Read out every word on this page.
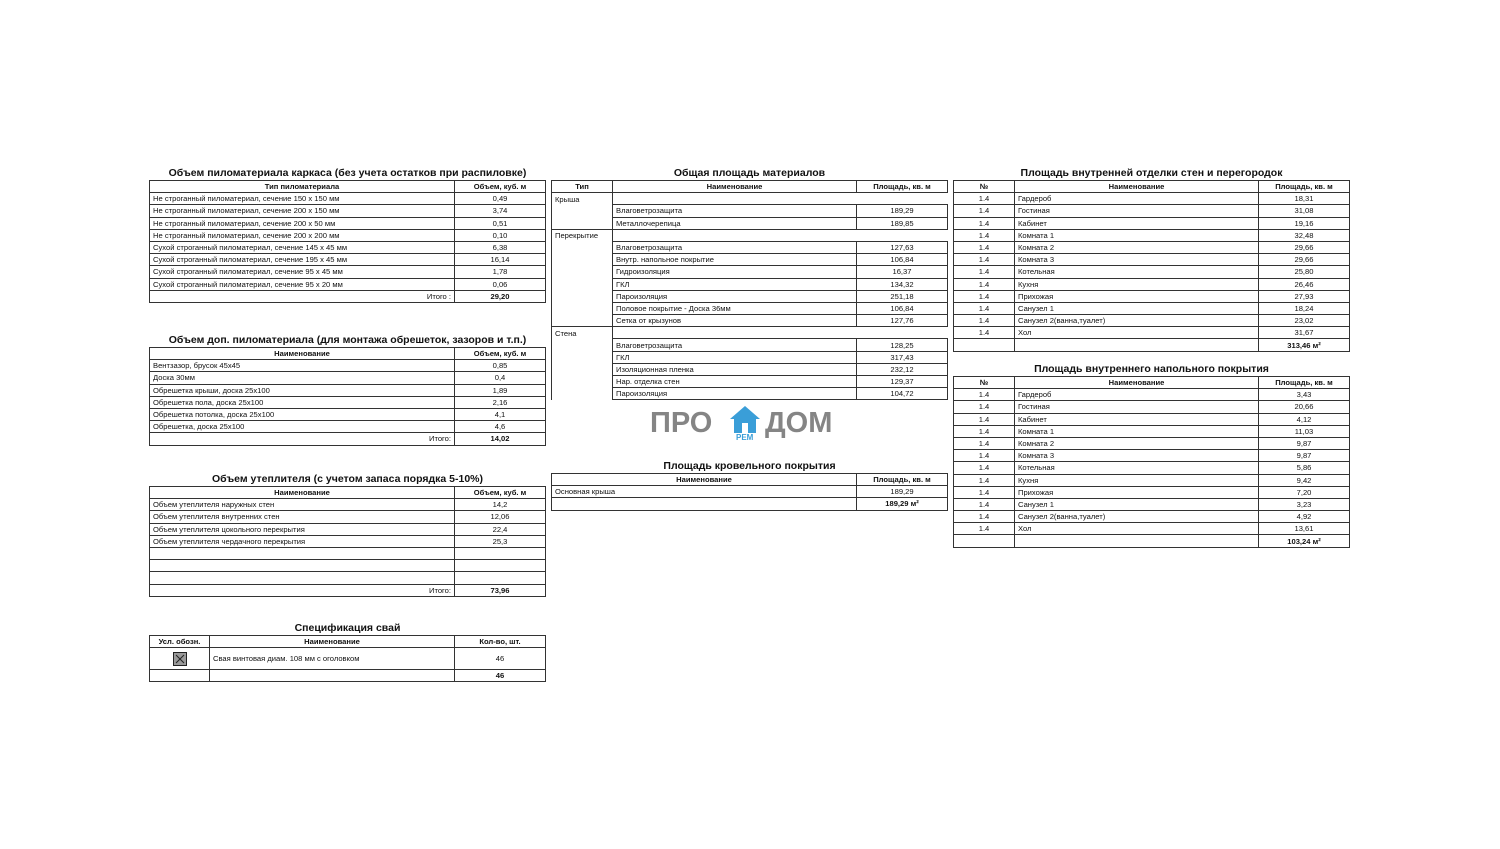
Объем пиломатериала каркаса (без учета остатков при распиловке)
Тип пиломатериала	Объем, куб. м
Не строганный пиломатериал, сечение 150 х 150 мм	0,49
Не строганный пиломатериал, сечение 200 х 150 мм	3,74
Не строганный пиломатериал, сечение 200 х 50 мм	0,51
Не строганный пиломатериал, сечение 200 х 200 мм	0,10
Сухой строганный пиломатериал, сечение 145 х 45 мм	6,38
Сухой строганный пиломатериал, сечение 195 х 45 мм	16,14
Сухой строганный пиломатериал, сечение 95 х 45 мм	1,78
Сухой строганный пиломатериал, сечение 95 х 20 мм	0,06
Итого :	29,20
Объем доп. пиломатериала (для монтажа обрешеток, зазоров и т.п.)
Наименование	Объем, куб. м
Вентзазор, брусок 45х45	0,85
Доска 30мм	0,4
Обрешетка крыши, доска 25х100	1,89
Обрешетка пола, доска 25х100	2,16
Обрешетка потолка, доска 25х100	4,1
Обрешетка, доска 25х100	4,6
Итого:	14,02
Объем утеплителя (с учетом запаса порядка 5-10%)
Наименование	Объем, куб. м
Объем утеплителя наружных стен	14,2
Объем утеплителя внутренних стен	12,06
Объем утеплителя цокольного перекрытия	22,4
Объем утеплителя чердачного перекрытия	25,3

Итого:	73,96
Спецификация свай
Усл. обозн.	Наименование	Кол-во, шт.

	Свая винтовая диам. 108 мм с оголовком	46
		46
Общая площадь материалов
Тип	Наименование	Площадь, кв. м
Крыша		
	Влаговетрозащита	189,29
	Металлочерепица	189,85
Перекрытие		
	Влаговетрозащита	127,63
	Внутр. напольное покрытие	106,84
	Гидроизоляция	16,37
	ГКЛ	134,32
	Пароизоляция	251,18
	Половое покрытие - Доска 36мм	106,84
	Сетка от крызунов	127,76
Стена		
	Влаговетрозащита	128,25
	ГКЛ	317,43
	Изоляционная пленка	232,12
	Нар. отделка стен	129,37
	Пароизоляция	104,72
ПРО	РЕМ ДОМ
Площадь кровельного покрытия
Наименование	Площадь, кв. м
Основная крыша	189,29
	189,29 м²
Площадь внутренней отделки стен и перегородок
№	Наименование	Площадь, кв. м
1.4	Гардероб	18,31
1.4	Гостиная	31,08
1.4	Кабинет	19,16
1.4	Комната 1	32,48
1.4	Комната 2	29,66
1.4	Комната 3	29,66
1.4	Котельная	25,80
1.4	Кухня	26,46
1.4	Прихожая	27,93
1.4	Санузел 1	18,24
1.4	Санузел 2(ванна,туалет)	23,02
1.4	Хол	31,67
		313,46 м²
Площадь внутреннего напольного покрытия
№	Наименование	Площадь, кв. м
1.4	Гардероб	3,43
1.4	Гостиная	20,66
1.4	Кабинет	4,12
1.4	Комната 1	11,03
1.4	Комната 2	9,87
1.4	Комната 3	9,87
1.4	Котельная	5,86
1.4	Кухня	9,42
1.4	Прихожая	7,20
1.4	Санузел 1	3,23
1.4	Санузел 2(ванна,туалет)	4,92
1.4	Хол	13,61
		103,24 м²
